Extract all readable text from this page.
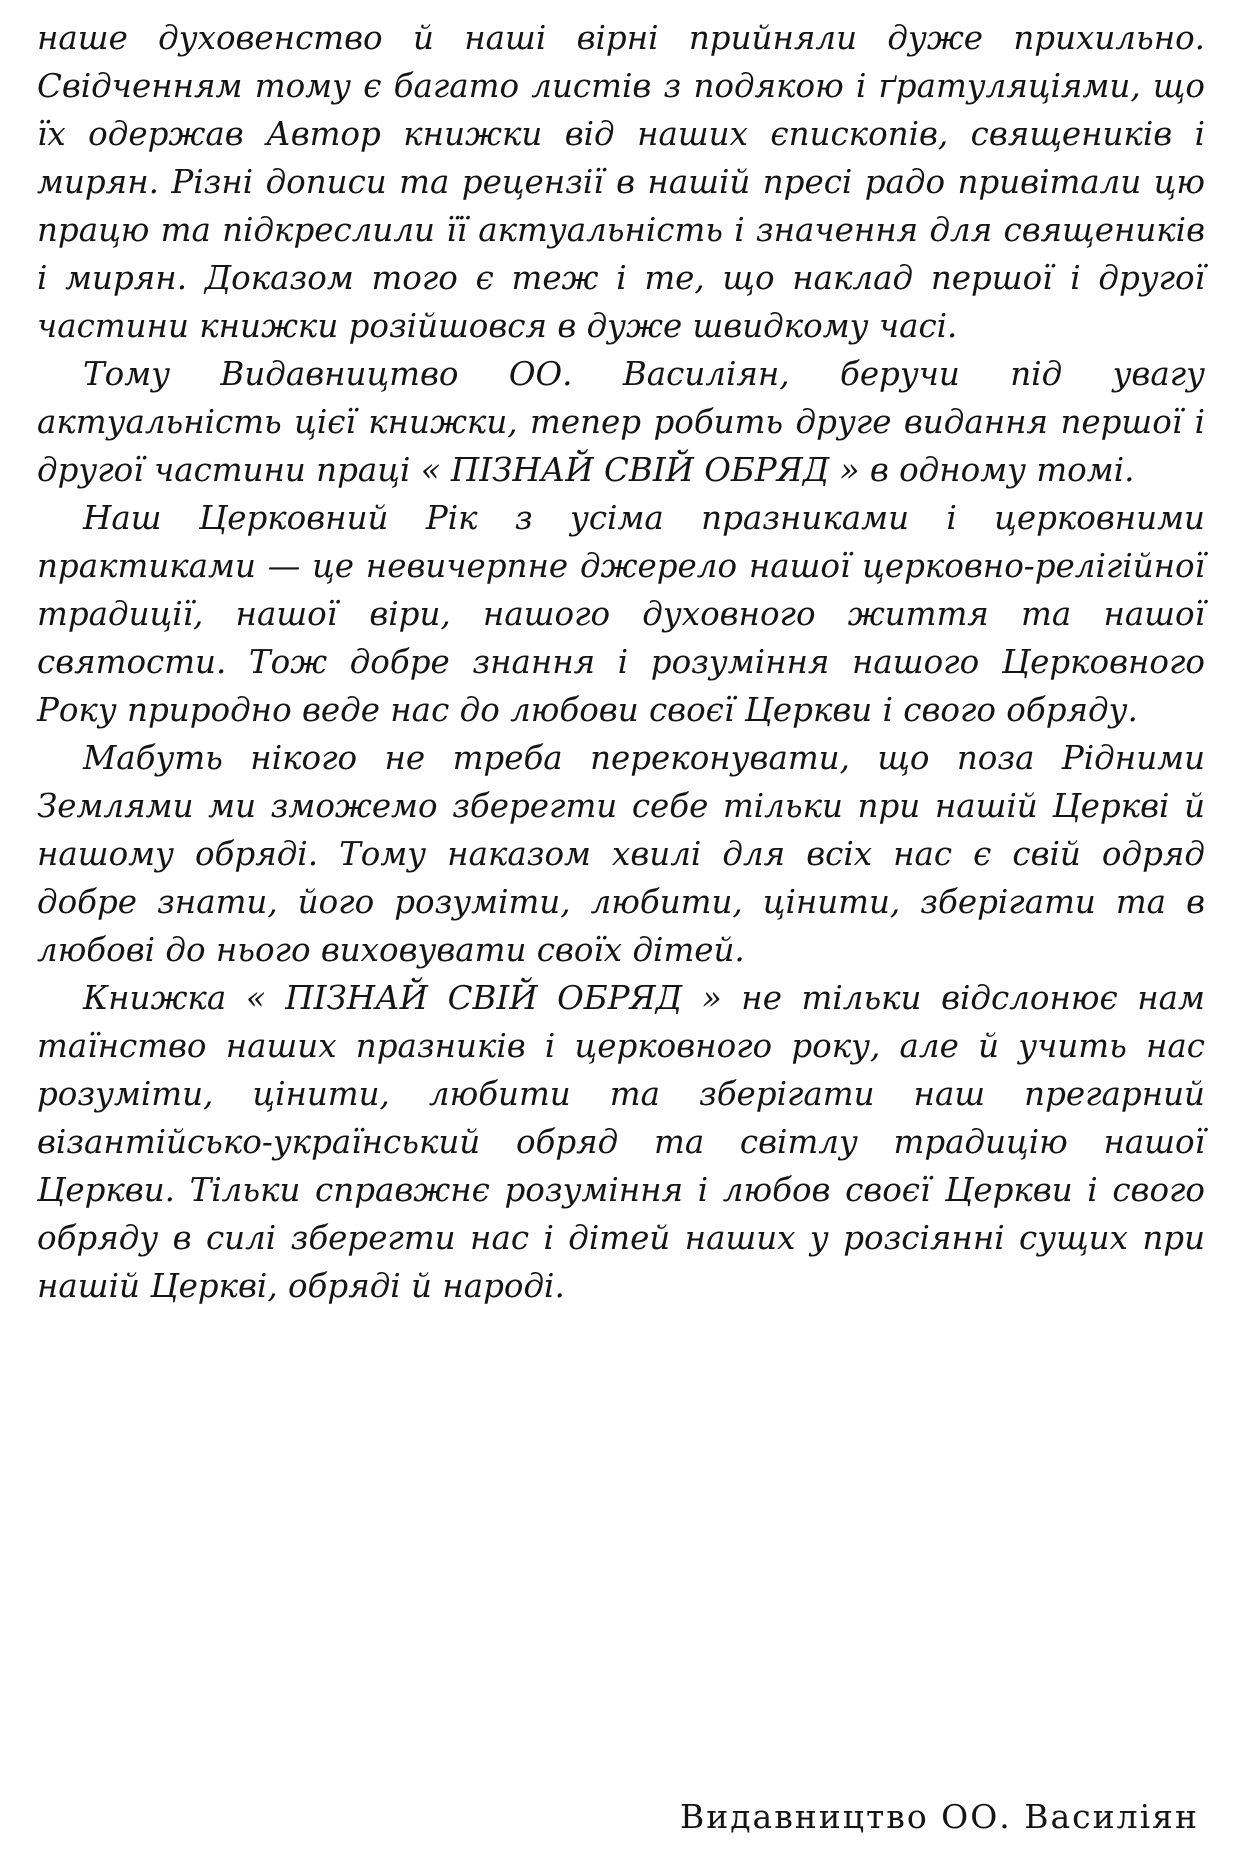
наше духовенство й наші вірні прийняли дуже прихильно. Свідченням тому є багато листів з подякою і ґратуляціями, що їх одержав Автор книжки від наших єпископів, священиків і мирян. Різні дописи та рецензії в нашій пресі радо привітали цю працю та підкреслили її актуальність і значення для священиків і мирян. Доказом того є теж і те, що наклад першої і другої частини книжки розійшовся в дуже швидкому часі.

Тому Видавництво ОО. Василіян, беручи під увагу актуальність цієї книжки, тепер робить друге видання першої і другої частини праці « ПІЗНАЙ СВІЙ ОБРЯД » в одному томі.

Наш Церковний Рік з усіма празниками і церковними практиками — це невичерпне джерело нашої церковно-релігійної традиції, нашої віри, нашого духовного життя та нашої святости. Тож добре знання і розуміння нашого Церковного Року природно веде нас до любови своєї Церкви і свого обряду.

Мабуть нікого не треба переконувати, що поза Рідними Землями ми зможемо зберегти себе тільки при нашій Церкві й нашому обряді. Тому наказом хвилі для всіх нас є свій одряд добре знати, його розуміти, любити, цінити, зберігати та в любові до нього виховувати своїх дітей.

Книжка « ПІЗНАЙ СВІЙ ОБРЯД » не тільки відслонює нам таїнство наших празників і церковного року, але й учить нас розуміти, цінити, любити та зберігати наш прегарний візантійсько-український обряд та світлу традицію нашої Церкви. Тільки справжнє розуміння і любов своєї Церкви і свого обряду в силі зберегти нас і дітей наших у розсіянні сущих при нашій Церкві, обряді й народі.

Видавництво ОО. Василіян
